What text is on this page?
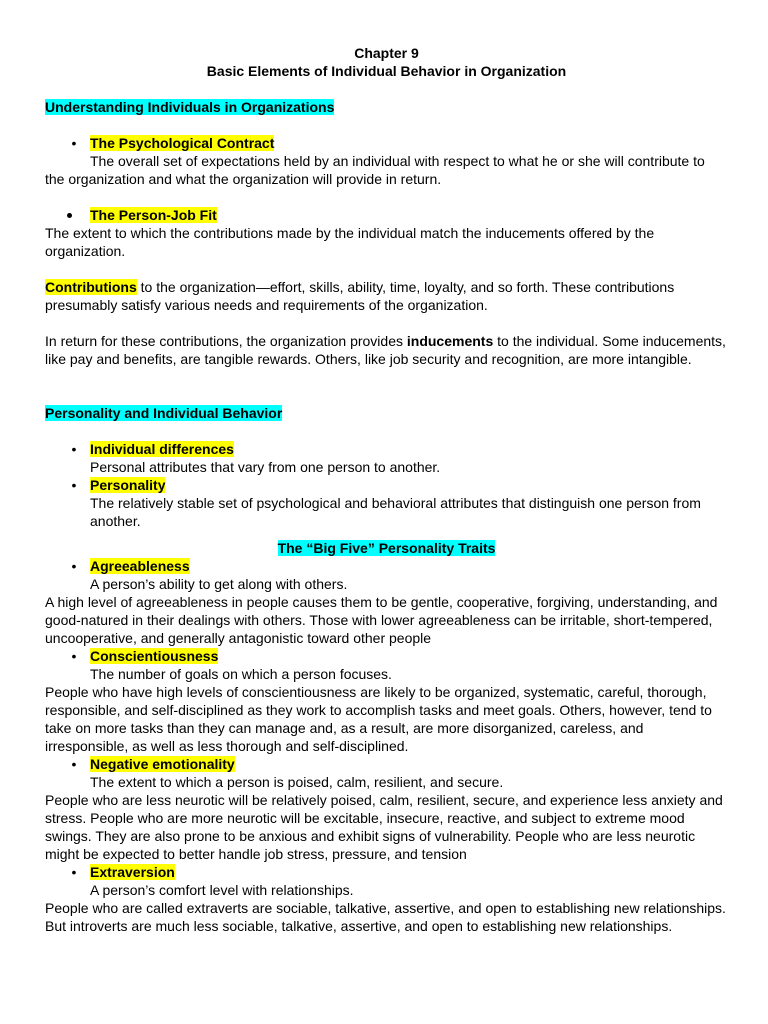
Chapter 9
Basic Elements of Individual Behavior in Organization

Understanding Individuals in Organizations

• The Psychological Contract

The overall set of expectations held by an individual with respect to what he or she will contribute to the organization and what the organization will provide in return.

The Person-Job Fit

The extent to which the contributions made by the individual match the inducements offered by the organization.

Contributions to the organization—effort, skills, ability, time, loyalty, and so forth. These contributions presumably satisfy various needs and requirements of the organization.

In return for these contributions, the organization provides inducements to the individual. Some inducements, like pay and benefits, are tangible rewards. Others, like job security and recognition, are more intangible.

Personality and Individual Behavior

• Individual differences
Personal attributes that vary from one person to another.
• Personality
The relatively stable set of psychological and behavioral attributes that distinguish one person from another.

The “Big Five” Personality Traits

• Agreeableness

A person’s ability to get along with others.

A high level of agreeableness in people causes them to be gentle, cooperative, forgiving, understanding, and good-natured in their dealings with others. Those with lower agreeableness can be irritable, short-tempered, uncooperative, and generally antagonistic toward other people

• Conscientiousness

The number of goals on which a person focuses.

People who have high levels of conscientiousness are likely to be organized, systematic, careful, thorough, responsible, and self-disciplined as they work to accomplish tasks and meet goals. Others, however, tend to take on more tasks than they can manage and, as a result, are more disorganized, careless, and irresponsible, as well as less thorough and self-disciplined.

• Negative emotionality

The extent to which a person is poised, calm, resilient, and secure.

People who are less neurotic will be relatively poised, calm, resilient, secure, and experience less anxiety and stress. People who are more neurotic will be excitable, insecure, reactive, and subject to extreme mood swings. They are also prone to be anxious and exhibit signs of vulnerability. People who are less neurotic might be expected to better handle job stress, pressure, and tension

• Extraversion

A person’s comfort level with relationships.

People who are called extraverts are sociable, talkative, assertive, and open to establishing new relationships. But introverts are much less sociable, talkative, assertive, and open to establishing new relationships.
